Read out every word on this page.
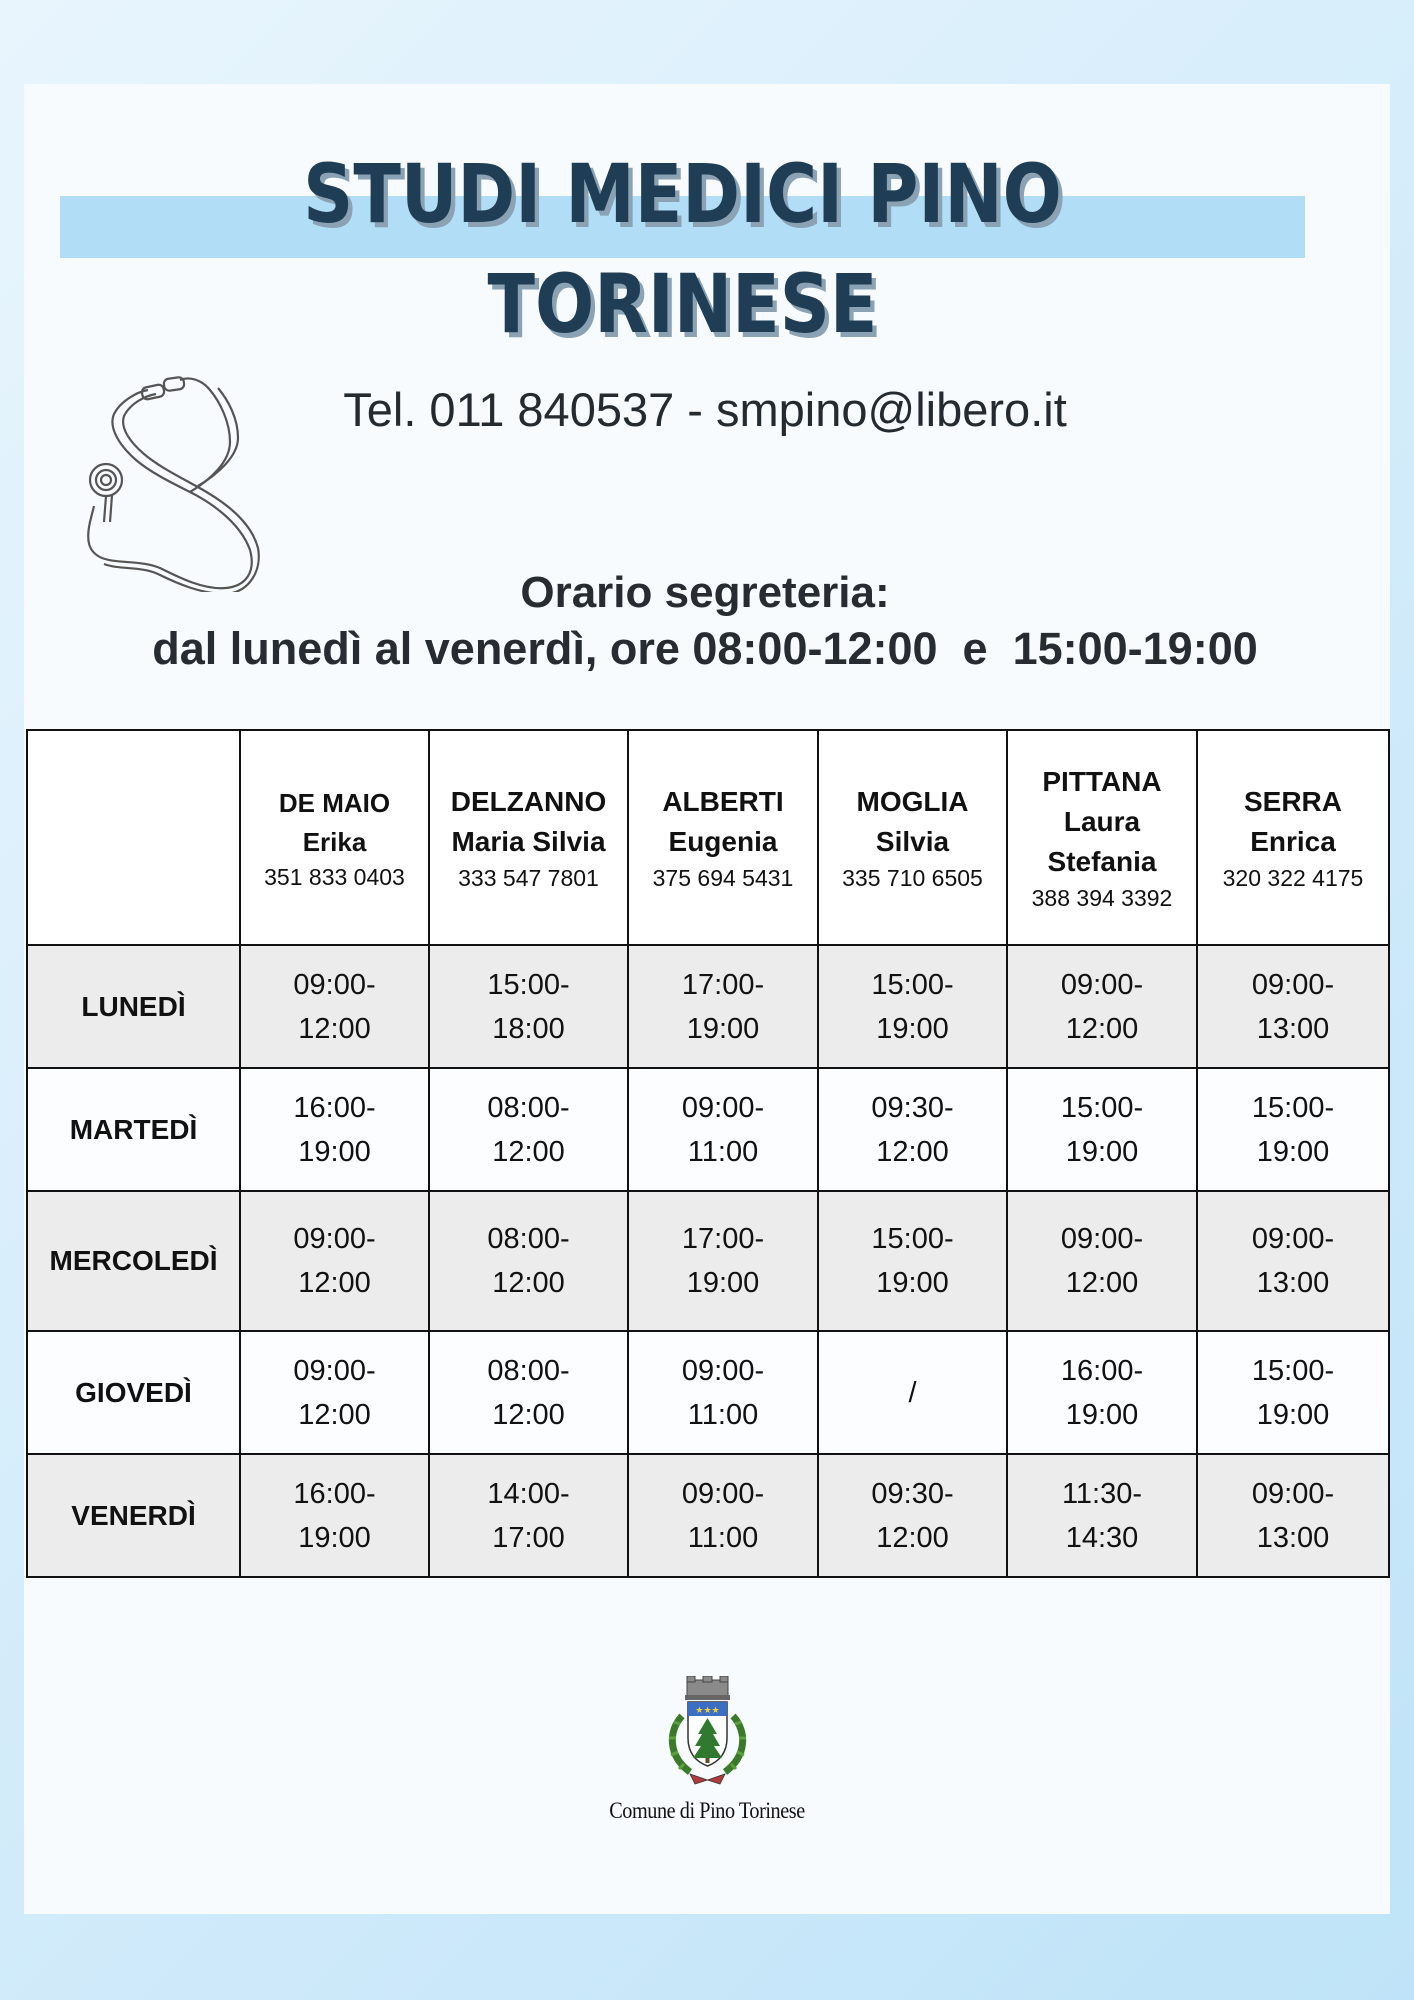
STUDI MEDICI PINO TORINESE
Tel. 011 840537 - smpino@libero.it
Orario segreteria:
dal lunedì al venerdì, ore 08:00-12:00  e  15:00-19:00

	DE MAIO
Erika
351 833 0403	DELZANNO
Maria Silvia
333 547 7801	ALBERTI
Eugenia
375 694 5431	MOGLIA
Silvia
335 710 6505	PITTANA
Laura Stefania
388 394 3392	SERRA
Enrica
320 322 4175

LUNEDÌ	09:00-
12:00	15:00-
18:00	17:00-
19:00	15:00-
19:00	09:00-
12:00	09:00-
13:00
MARTEDÌ	16:00-
19:00	08:00-
12:00	09:00-
11:00	09:30-
12:00	15:00-
19:00	15:00-
19:00
MERCOLEDÌ	09:00-
12:00	08:00-
12:00	17:00-
19:00	15:00-
19:00	09:00-
12:00	09:00-
13:00
GIOVEDÌ	09:00-
12:00	08:00-
12:00	09:00-
11:00	/	16:00-
19:00	15:00-
19:00
VENERDÌ	16:00-
19:00	14:00-
17:00	09:00-
11:00	09:30-
12:00	11:30-
14:30	09:00-
13:00
★★★
Comune di Pino Torinese
